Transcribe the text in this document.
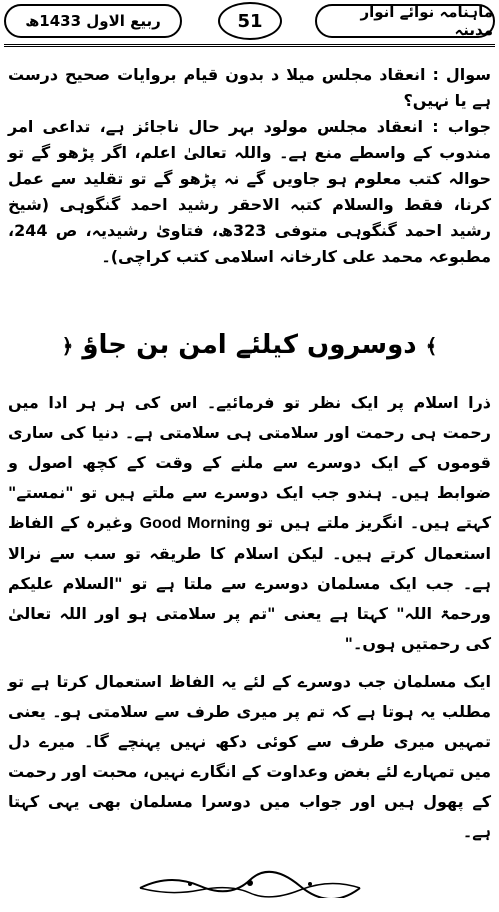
ماہنامہ نوائے انوار مدینہ
51
ربیع الاول 1433ھ

سوال : انعقاد مجلس میلا د بدون قیام بروایات صحیح درست ہے یا نہیں؟

جواب : انعقاد مجلس مولود بہر حال ناجائز ہے، تداعی امر مندوب کے واسطے منع ہے۔ واللہ تعالیٰ اعلم، اگر پڑھو گے تو حوالہ کتب معلوم ہو جاویں گے نہ پڑھو گے تو تقلید سے عمل کرنا، فقط والسلام کتبہ الاحقر رشید احمد گنگوہی (شیخ رشید احمد گنگوہی متوفی 323ھ، فتاویٰ رشیدیہ، ص 244، مطبوعہ محمد علی کارخانہ اسلامی کتب کراچی)۔

﴾ دوسروں کیلئے امن بن جاؤ ﴿

ذرا اسلام پر ایک نظر تو فرمائیے۔ اس کی ہر ہر ادا میں رحمت ہی رحمت اور سلامتی ہی سلامتی ہے۔ دنیا کی ساری قوموں کے ایک دوسرے سے ملنے کے وقت کے کچھ اصول و ضوابط ہیں۔ ہندو جب ایک دوسرے سے ملتے ہیں تو "نمستے" کہتے ہیں۔ انگریز ملتے ہیں تو Good Morning وغیرہ کے الفاظ استعمال کرتے ہیں۔ لیکن اسلام کا طریقہ تو سب سے نرالا ہے۔ جب ایک مسلمان دوسرے سے ملتا ہے تو "السلام علیکم ورحمۃ اللہ" کہتا ہے یعنی "تم پر سلامتی ہو اور اللہ تعالیٰ کی رحمتیں ہوں۔"

ایک مسلمان جب دوسرے کے لئے یہ الفاظ استعمال کرتا ہے تو مطلب یہ ہوتا ہے کہ تم پر میری طرف سے سلامتی ہو۔ یعنی تمہیں میری طرف سے کوئی دکھ نہیں پہنچے گا۔ میرے دل میں تمہارے لئے بغض وعداوت کے انگارے نہیں، محبت اور رحمت کے پھول ہیں اور جواب میں دوسرا مسلمان بھی یہی کہتا ہے۔
